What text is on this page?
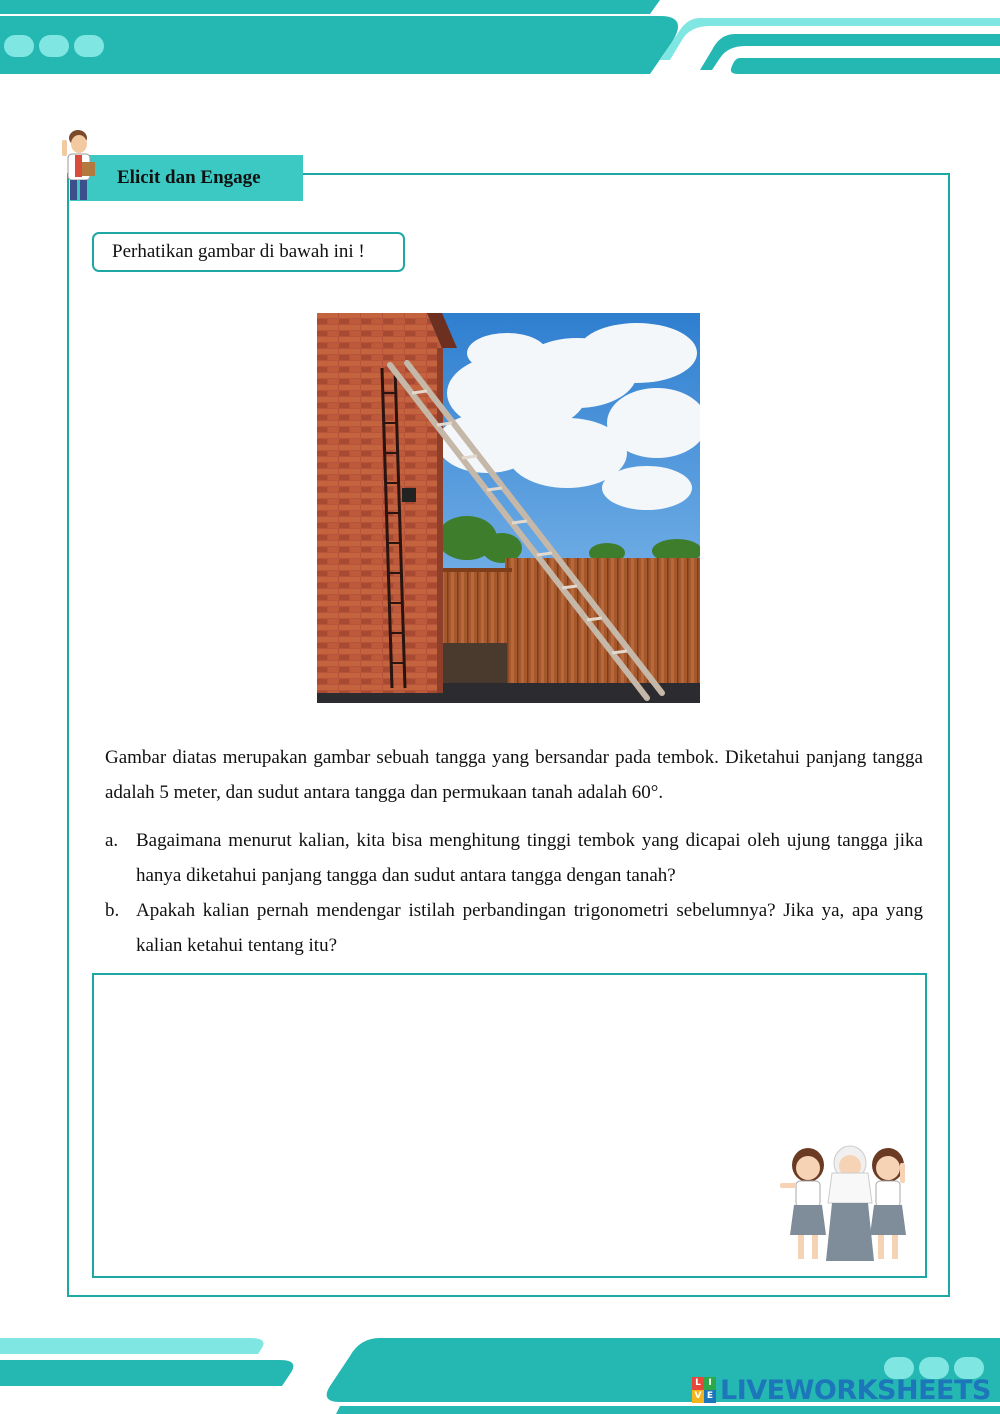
Elicit dan Engage
Perhatikan gambar di bawah ini !

Gambar diatas merupakan gambar sebuah tangga yang bersandar pada tembok. Diketahui panjang tangga adalah 5 meter, dan sudut antara tangga dan permukaan tanah adalah 60°.

a. Bagaimana menurut kalian, kita bisa menghitung tinggi tembok yang dicapai oleh ujung tangga jika hanya diketahui panjang tangga dan sudut antara tangga dengan tanah?
b. Apakah kalian pernah mendengar istilah perbandingan trigonometri sebelumnya? Jika ya, apa yang kalian ketahui tentang itu?
L I
V E LIVEWORKSHEETS
